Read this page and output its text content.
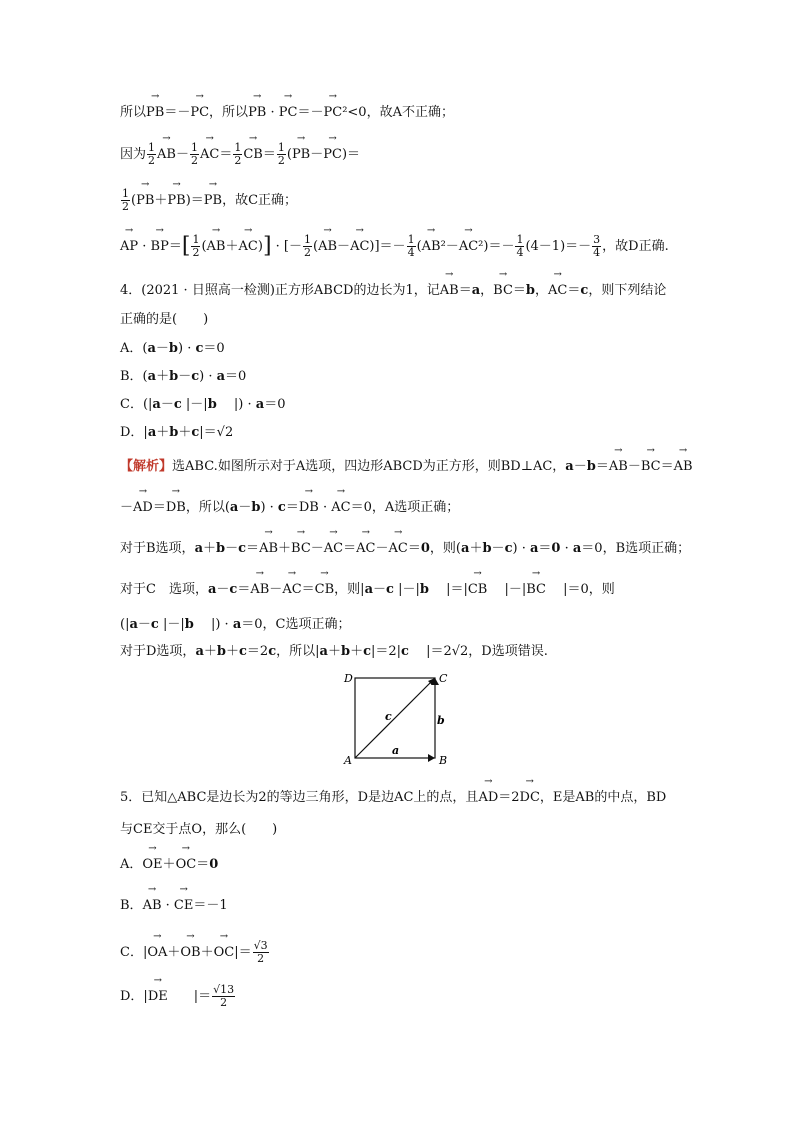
所以→ PB＝－→ PC，所以→ PB · → PC＝－→ PC²<0，故A不正确；
因为 $\frac{1}{2}$
→ $AB- \frac{1}{2}$
→ $AC= \frac{1}{2}$
→ $CB= \frac{1}{2}$ (→ PB－→ PC)＝
$\frac{1}{2}$ (→ PB＋→ PB)＝→ PB，故C正确；
→ AP · → $BP=[ \frac{1}{2}$ (→ AB＋→ AC)] · [－ $\frac{1}{2}$ (→ $AB-\to AC)]=- \frac{1}{4}$ (→ $AB^2-\to AC^2)=- \frac{1}{4} (4-1)=- \frac{3}{4}$ ，故D正确.
4．(2021 · 日照高一检测)正方形ABCD的边长为1，记→ AB＝a，→ BC＝b，→ AC＝c，则下列结论
正确的是(　　)
A．(a－b) · c＝0
B．(a＋b－c) · a＝0
C．(|a－c |－|b　 |) · a＝0
D．|a＋b＋c|＝√2
【解析】选ABC.如图所示对于A选项，四边形ABCD为正方形，则BD⊥AC，a－b＝→ AB－→ BC＝→ AB
－→ AD＝→ DB，所以(a－b) · c＝→ DB · → AC＝0，A选项正确；
对于B选项，a＋b－c＝→ AB＋→ BC－→ AC＝→ AC－→ AC＝0，则(a＋b－c) · a＝0 · a＝0，B选项正确；
对于C　选项，a－c＝→ AB－→ AC＝→ CB，则|a－c |－|b　 |＝|→ CB　 |－|→ BC　 |＝0，则
(|a－c |－|b　 |) · a＝0，C选项正确；
对于D选项，a＋b＋c＝2c，所以|a＋b＋c|＝2|c　 |＝2√2，D选项错误.
D	C
A	B
c	b
a
5．已知△ABC是边长为2的等边三角形，D是边AC上的点，且→ AD＝2→ DC，E是AB的中点，BD
与CE交于点O，那么(　　)
A．→ OE＋→ OC＝0
B．→ AB · → CE＝－1
C．|→ $OA+\to OB+\to OC|= \frac{√3}{2}$
D．|→ DE　　|＝ $\frac{√13}{2}$
